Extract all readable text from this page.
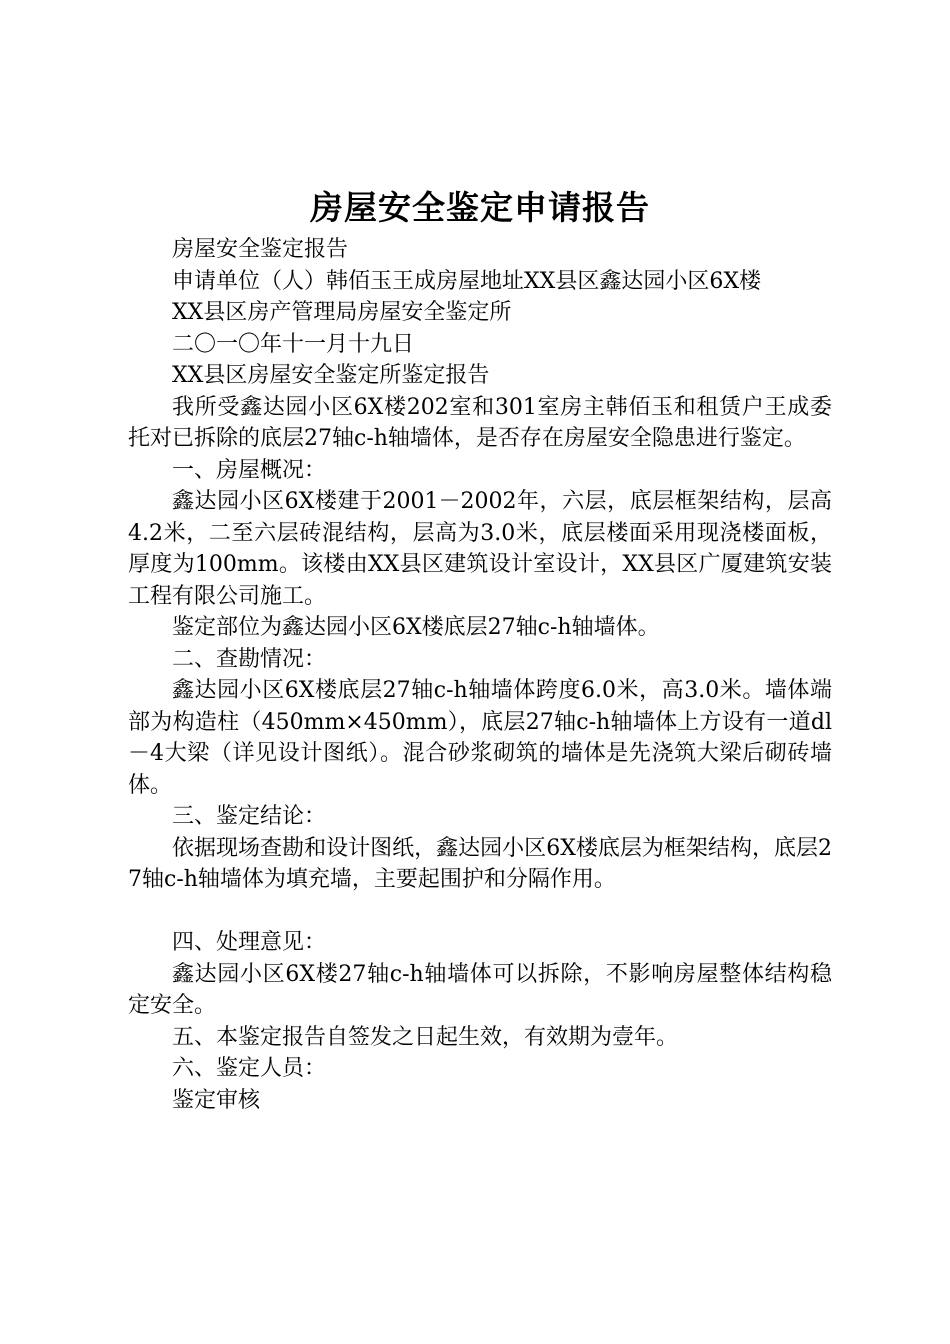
房屋安全鉴定申请报告

房屋安全鉴定报告

申请单位（人）韩佰玉王成房屋地址XX县区鑫达园小区6X楼

XX县区房产管理局房屋安全鉴定所

二〇一〇年十一月十九日

XX县区房屋安全鉴定所鉴定报告

我所受鑫达园小区6X楼202室和301室房主韩佰玉和租赁户王成委托对已拆除的底层27轴c-h轴墙体，是否存在房屋安全隐患进行鉴定。

一、房屋概况：

鑫达园小区6X楼建于2001－2002年，六层，底层框架结构，层高4.2米，二至六层砖混结构，层高为3.0米，底层楼面采用现浇楼面板，厚度为100mm。该楼由XX县区建筑设计室设计，XX县区广厦建筑安装工程有限公司施工。

鉴定部位为鑫达园小区6X楼底层27轴c-h轴墙体。

二、查勘情况：

鑫达园小区6X楼底层27轴c-h轴墙体跨度6.0米，高3.0米。墙体端部为构造柱（450mm×450mm），底层27轴c-h轴墙体上方设有一道dl－4大梁（详见设计图纸）。混合砂浆砌筑的墙体是先浇筑大梁后砌砖墙体。

三、鉴定结论：

依据现场查勘和设计图纸，鑫达园小区6X楼底层为框架结构，底层27轴c-h轴墙体为填充墙，主要起围护和分隔作用。

四、处理意见：

鑫达园小区6X楼27轴c-h轴墙体可以拆除，不影响房屋整体结构稳定安全。

五、本鉴定报告自签发之日起生效，有效期为壹年。

六、鉴定人员：

鉴定审核
